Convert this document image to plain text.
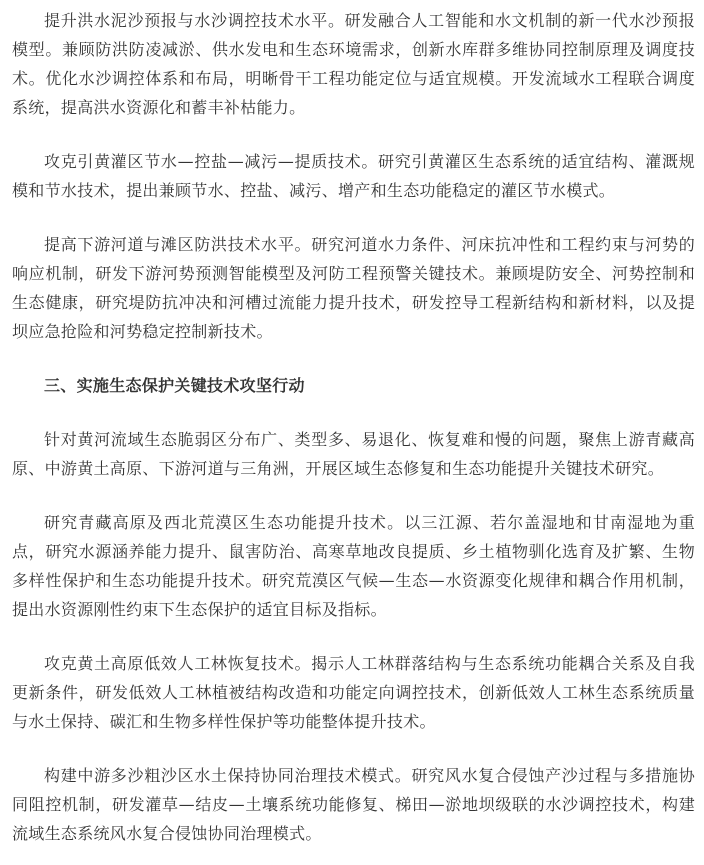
提升洪水泥沙预报与水沙调控技术水平。研发融合人工智能和水文机制的新一代水沙预报模型。兼顾防洪防凌减淤、供水发电和生态环境需求，创新水库群多维协同控制原理及调度技术。优化水沙调控体系和布局，明晰骨干工程功能定位与适宜规模。开发流域水工程联合调度系统，提高洪水资源化和蓄丰补枯能力。

攻克引黄灌区节水—控盐—减污—提质技术。研究引黄灌区生态系统的适宜结构、灌溉规模和节水技术，提出兼顾节水、控盐、减污、增产和生态功能稳定的灌区节水模式。

提高下游河道与滩区防洪技术水平。研究河道水力条件、河床抗冲性和工程约束与河势的响应机制，研发下游河势预测智能模型及河防工程预警关键技术。兼顾堤防安全、河势控制和生态健康，研究堤防抗冲决和河槽过流能力提升技术，研发控导工程新结构和新材料，以及提坝应急抢险和河势稳定控制新技术。

三、实施生态保护关键技术攻坚行动

针对黄河流域生态脆弱区分布广、类型多、易退化、恢复难和慢的问题，聚焦上游青藏高原、中游黄土高原、下游河道与三角洲，开展区域生态修复和生态功能提升关键技术研究。

研究青藏高原及西北荒漠区生态功能提升技术。以三江源、若尔盖湿地和甘南湿地为重点，研究水源涵养能力提升、鼠害防治、高寒草地改良提质、乡土植物驯化选育及扩繁、生物多样性保护和生态功能提升技术。研究荒漠区气候—生态—水资源变化规律和耦合作用机制，提出水资源刚性约束下生态保护的适宜目标及指标。

攻克黄土高原低效人工林恢复技术。揭示人工林群落结构与生态系统功能耦合关系及自我更新条件，研发低效人工林植被结构改造和功能定向调控技术，创新低效人工林生态系统质量与水土保持、碳汇和生物多样性保护等功能整体提升技术。

构建中游多沙粗沙区水土保持协同治理技术模式。研究风水复合侵蚀产沙过程与多措施协同阻控机制，研发灌草—结皮—土壤系统功能修复、梯田—淤地坝级联的水沙调控技术，构建流域生态系统风水复合侵蚀协同治理模式。
